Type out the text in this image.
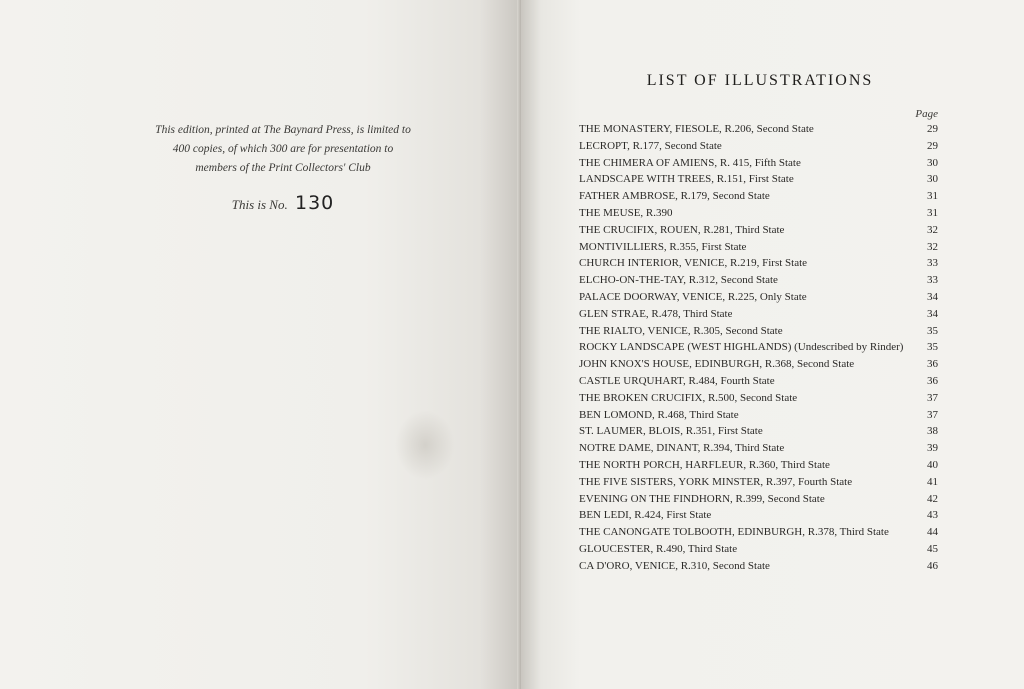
This edition, printed at The Baynard Press, is limited to

400 copies, of which 300 are for presentation to

members of the Print Collectors' Club

This is No. 130
LIST OF ILLUSTRATIONS
Page
THE MONASTERY, FIESOLE, R.206, Second State	29
LECROPT, R.177, Second State	29
THE CHIMERA OF AMIENS, R. 415, Fifth State	30
LANDSCAPE WITH TREES, R.151, First State	30
FATHER AMBROSE, R.179, Second State	31
THE MEUSE, R.390	31
THE CRUCIFIX, ROUEN, R.281, Third State	32
MONTIVILLIERS, R.355, First State	32
CHURCH INTERIOR, VENICE, R.219, First State	33
ELCHO-ON-THE-TAY, R.312, Second State	33
PALACE DOORWAY, VENICE, R.225, Only State	34
GLEN STRAE, R.478, Third State	34
THE RIALTO, VENICE, R.305, Second State	35
ROCKY LANDSCAPE (WEST HIGHLANDS) (Undescribed by Rinder) 35
JOHN KNOX'S HOUSE, EDINBURGH, R.368, Second State	36
CASTLE URQUHART, R.484, Fourth State	36
THE BROKEN CRUCIFIX, R.500, Second State	37
BEN LOMOND, R.468, Third State	37
ST. LAUMER, BLOIS, R.351, First State	38
NOTRE DAME, DINANT, R.394, Third State	39
THE NORTH PORCH, HARFLEUR, R.360, Third State	40
THE FIVE SISTERS, YORK MINSTER, R.397, Fourth State	41
EVENING ON THE FINDHORN, R.399, Second State	42
BEN LEDI, R.424, First State	43
THE CANONGATE TOLBOOTH, EDINBURGH, R.378, Third State	44
GLOUCESTER, R.490, Third State	45
CA D'ORO, VENICE, R.310, Second State	46
